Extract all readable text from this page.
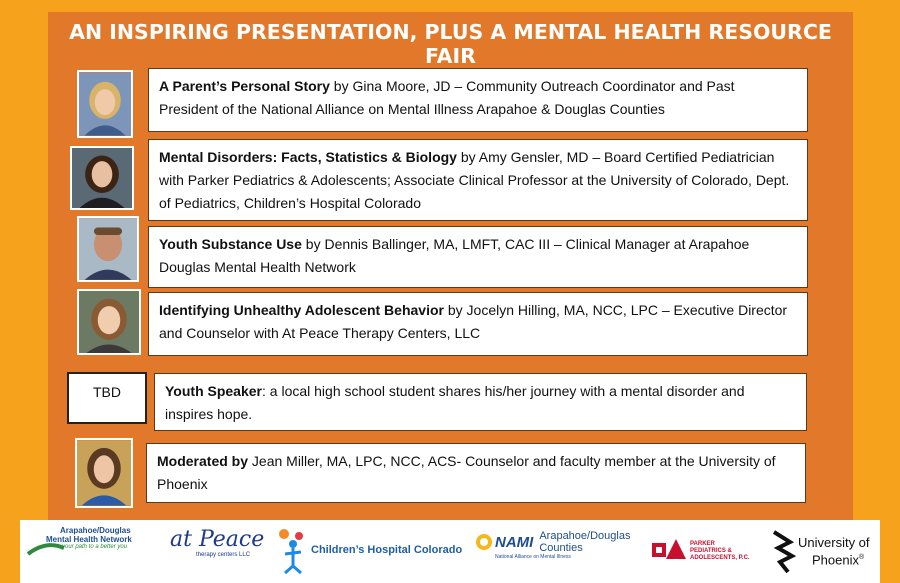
AN INSPIRING PRESENTATION, PLUS A MENTAL HEALTH RESOURCE FAIR
A Parent’s Personal Story by Gina Moore, JD – Community Outreach Coordinator and Past President of the National Alliance on Mental Illness Arapahoe & Douglas Counties
Mental Disorders: Facts, Statistics & Biology by Amy Gensler, MD – Board Certified Pediatrician with Parker Pediatrics & Adolescents; Associate Clinical Professor at the University of Colorado, Dept. of Pediatrics, Children’s Hospital Colorado
Youth Substance Use by Dennis Ballinger, MA, LMFT, CAC III – Clinical Manager at Arapahoe Douglas Mental Health Network
Identifying Unhealthy Adolescent Behavior by Jocelyn Hilling, MA, NCC, LPC – Executive Director and Counselor with At Peace Therapy Centers, LLC
TBD	Youth Speaker: a local high school student shares his/her journey with a mental disorder and inspires hope.
Moderated by Jean Miller, MA, LPC, NCC, ACS- Counselor and faculty member at the University of Phoenix
Arapahoe/Douglas
Mental Health Network
your path to a better you at Peace
therapy centers LLC	Children’s Hospital Colorado NAMI Arapahoe/Douglas
Counties
National Alliance on Mental Illness
PARKER
PEDIATRICS &
ADOLESCENTS, P.C.
University of
Phoenix®
